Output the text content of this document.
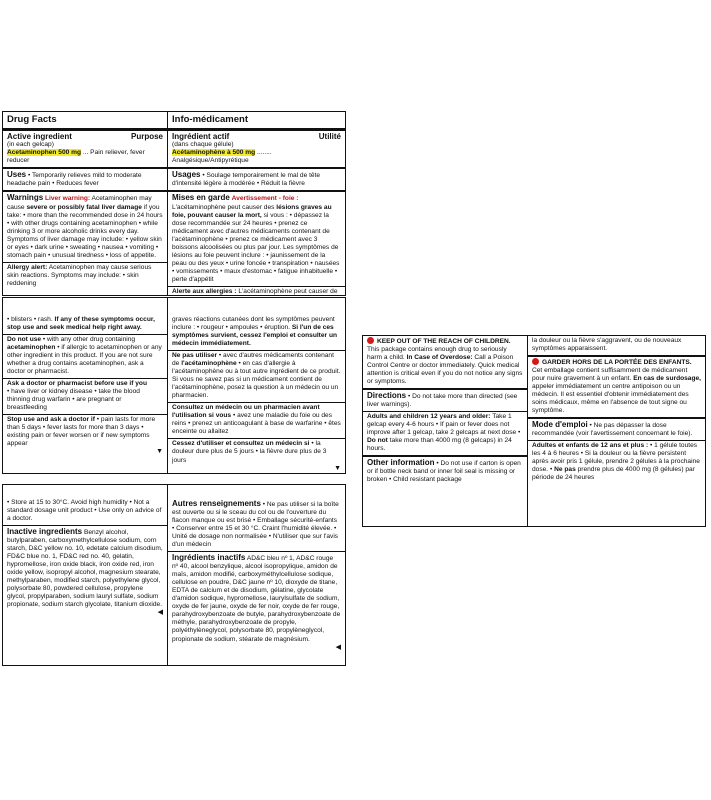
Drug Facts
Active ingredient	Purpose
(in each gelcap)
Acetaminophen 500 mg ... Pain reliever, fever reducer
Uses • Temporarily relieves mild to moderate headache pain • Reduces fever
Warnings Liver warning: Acetaminophen may cause severe or possibly fatal liver damage if you take: • more than the recommended dose in 24 hours • with other drugs containing acetaminophen • while drinking 3 or more alcoholic drinks every day. Symptoms of liver damage may include: • yellow skin or eyes • dark urine • sweating • nausea • vomiting • stomach pain • unusual tiredness • loss of appetite.
Allergy alert: Acetaminophen may cause serious skin reactions. Symptoms may include: • skin reddening
Info-médicament
Ingrédient actif	Utilité
(dans chaque gélule)
Acétaminophène à 500 mg ........ Analgésique/Antipyrétique
Usages • Soulage temporairement le mal de tête d'intensité légère à modérée • Réduit la fièvre
Mises en garde Avertissement - foie : L'acétaminophène peut causer des lésions graves au foie, pouvant causer la mort, si vous : • dépassez la dose recommandée sur 24 heures • prenez ce médicament avec d'autres médicaments contenant de l'acétaminophène • prenez ce médicament avec 3 boissons alcoolisées ou plus par jour. Les symptômes de lésions au foie peuvent inclure : • jaunissement de la peau ou des yeux • urine foncée • transpiration • nausées • vomissements • maux d'estomac • fatigue inhabituelle • perte d'appétit
Alerte aux allergies : L'acétaminophène peut causer de
• blisters • rash. If any of these symptoms occur, stop use and seek medical help right away.
Do not use • with any other drug containing acetaminophen • if allergic to acetaminophen or any other ingredient in this product. If you are not sure whether a drug contains acetaminophen, ask a doctor or pharmacist.
Ask a doctor or pharmacist before use if you
• have liver or kidney disease • take the blood thinning drug warfarin • are pregnant or breastfeeding
Stop use and ask a doctor if • pain lasts for more than 5 days • fever lasts for more than 3 days • existing pain or fever worsen or if new symptoms appear
▼
graves réactions cutanées dont les symptômes peuvent inclure : • rougeur • ampoules • éruption. Si l'un de ces symptômes survient, cessez l'emploi et consulter un médecin immédiatement.
Ne pas utiliser • avec d'autres médicaments contenant de l'acétaminophène • en cas d'allergie à l'acétaminophène ou à tout autre ingrédient de ce produit. Si vous ne savez pas si un médicament contient de l'acétaminophène, posez la question à un médecin ou un pharmacien.
Consultez un médecin ou un pharmacien avant l'utilisation si vous • avez une maladie du foie ou des reins • prenez un anticoagulant à base de warfarine • êtes enceinte ou allaitez
Cessez d'utiliser et consultez un médecin si • la douleur dure plus de 5 jours • la fièvre dure plus de 3 jours
▼
• Store at 15 to 30°C. Avoid high humidity • Not a standard dosage unit product • Use only on advice of a doctor.
Inactive ingredients Benzyl alcohol, butylparaben, carboxymethylcellulose sodium, corn starch, D&C yellow no. 10, edetate calcium disodium, FD&C blue no. 1, FD&C red no. 40, gelatin, hypromellose, iron oxide black, iron oxide red, iron oxide yellow, isopropyl alcohol, magnesium stearate, methylparaben, modified starch, polyethylene glycol, polysorbate 80, powdered cellulose, propylene glycol, propylparaben, sodium lauryl sulfate, sodium propionate, sodium starch glycolate, titanium dioxide.
◀
Autres renseignements • Ne pas utiliser si la boîte est ouverte ou si le sceau du col ou de l'ouverture du flacon manque ou est brisé • Emballage sécurité-enfants • Conserver entre 15 et 30 °C. Craint l'humidité élevée. • Unité de dosage non normalisée • N'utiliser que sur l'avis d'un médecin
Ingrédients inactifs AD&C bleu nº 1, AD&C rouge nº 40, alcool benzylique, alcool isopropylique, amidon de maïs, amidon modifié, carboxyméthylcellulose sodique, cellulose en poudre, D&C jaune nº 10, dioxyde de titane, EDTA de calcium et de disodium, gélatine, glycolate d'amidon sodique, hypromellose, laurylsulfate de sodium, oxyde de fer jaune, oxyde de fer noir, oxyde de fer rouge, parahydroxybenzoate de butyle, parahydroxybenzoate de méthyle, parahydroxybenzoate de propyle, polyéthylèneglycol, polysorbate 80, propylèneglycol, propionate de sodium, stéarate de magnésium.
◀
KEEP OUT OF THE REACH OF CHILDREN. This package contains enough drug to seriously harm a child. In Case of Overdose: Call a Poison Control Centre or doctor immediately. Quick medical attention is critical even if you do not notice any signs or symptoms.
Directions • Do not take more than directed (see liver warnings).
Adults and children 12 years and older: Take 1 gelcap every 4-6 hours • If pain or fever does not improve after 1 gelcap, take 2 gelcaps at next dose • Do not take more than 4000 mg (8 gelcaps) in 24 hours.
Other information • Do not use if carton is open or if bottle neck band or inner foil seal is missing or broken • Child resistant package
la douleur ou la fièvre s'aggravent, ou de nouveaux symptômes apparaissent.
GARDER HORS DE LA PORTÉE DES ENFANTS. Cet emballage contient suffisamment de médicament pour nuire gravement à un enfant. En cas de surdosage, appeler immédiatement un centre antipoison ou un médecin. Il est essentiel d'obtenir immédiatement des soins médicaux, même en l'absence de tout signe ou symptôme.
Mode d'emploi • Ne pas dépasser la dose recommandée (voir l'avertissement concernant le foie).
Adultes et enfants de 12 ans et plus : • 1 gélule toutes les 4 à 6 heures • Si la douleur ou la fièvre persistent après avoir pris 1 gélule, prendre 2 gélules à la prochaine dose. • Ne pas prendre plus de 4000 mg (8 gélules) par période de 24 heures
